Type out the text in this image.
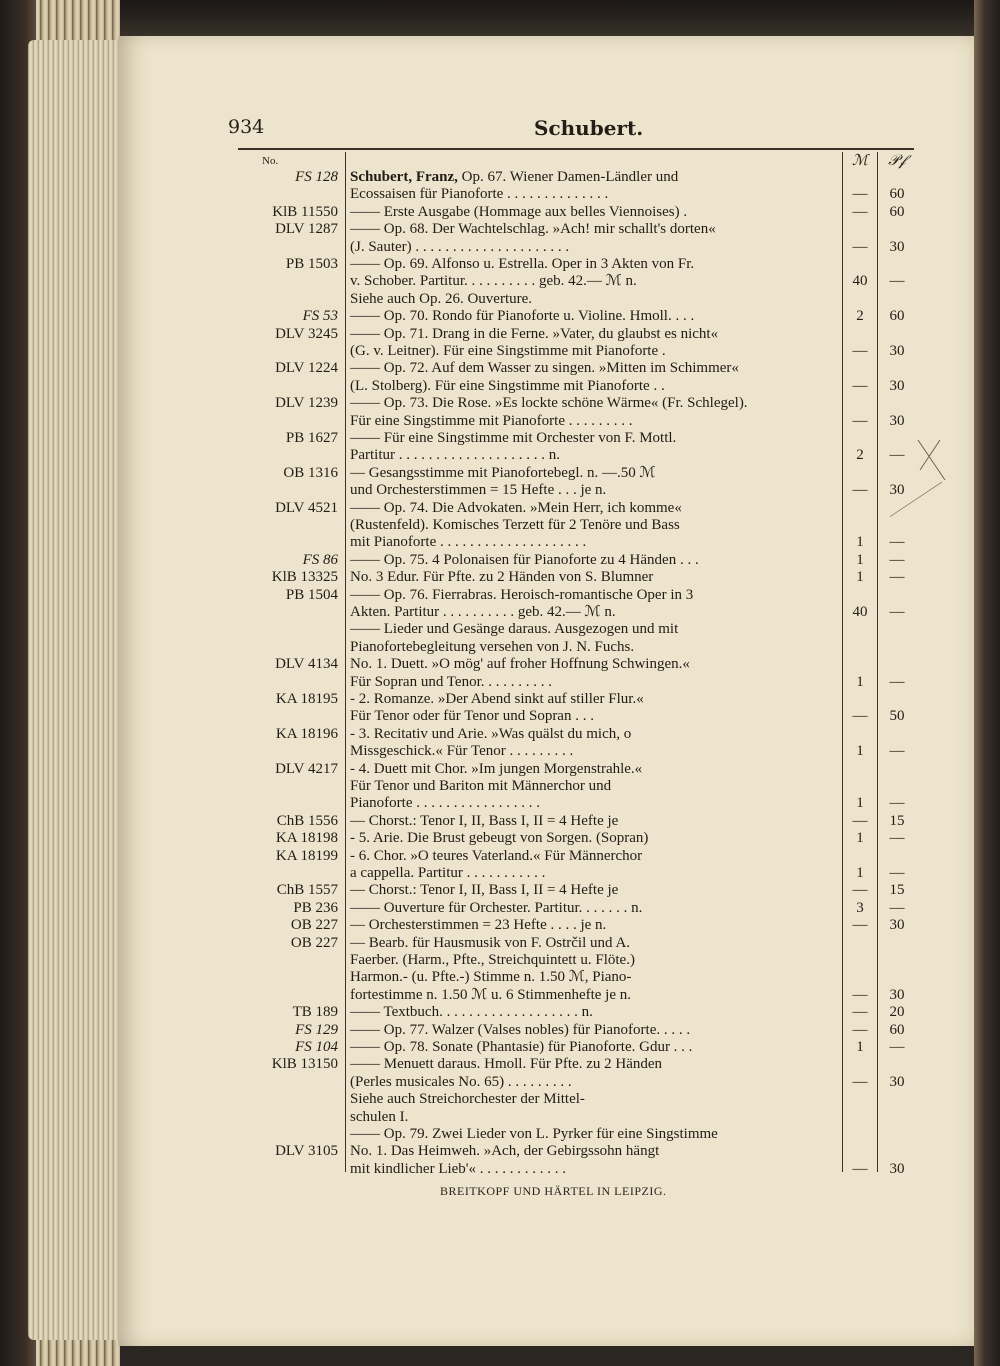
934	Schubert.
No.	ℳ	𝒫𝒻
FS 128 Schubert, Franz, Op. 67. Wiener Damen-Ländler und
Ecossaisen für Pianoforte . . . . . . . . . . . . . .	—	60
KlB 11550 —— Erste Ausgabe (Hommage aux belles Viennoises) .	—	60
DLV 1287 —— Op. 68. Der Wachtelschlag. »Ach! mir schallt's dorten«
(J. Sauter) . . . . . . . . . . . . . . . . . . . . .	—	30
PB 1503 —— Op. 69. Alfonso u. Estrella. Oper in 3 Akten von Fr.
v. Schober. Partitur. . . . . . . . . . geb. 42.— ℳ n.	40	—
Siehe auch Op. 26. Ouverture.
FS 53 —— Op. 70. Rondo für Pianoforte u. Violine. Hmoll. . . .	2	60
DLV 3245 —— Op. 71. Drang in die Ferne. »Vater, du glaubst es nicht«
(G. v. Leitner). Für eine Singstimme mit Pianoforte .	—	30
DLV 1224 —— Op. 72. Auf dem Wasser zu singen. »Mitten im Schimmer«
(L. Stolberg). Für eine Singstimme mit Pianoforte . .	—	30
DLV 1239 —— Op. 73. Die Rose. »Es lockte schöne Wärme« (Fr. Schlegel).
Für eine Singstimme mit Pianoforte . . . . . . . . .	—	30
PB 1627 —— Für eine Singstimme mit Orchester von F. Mottl.
Partitur . . . . . . . . . . . . . . . . . . . . n.	2	—
OB 1316 — Gesangsstimme mit Pianofortebegl. n. —.50 ℳ
und Orchesterstimmen = 15 Hefte . . . je n.	—	30
DLV 4521 —— Op. 74. Die Advokaten. »Mein Herr, ich komme«
(Rustenfeld). Komisches Terzett für 2 Tenöre und Bass
mit Pianoforte . . . . . . . . . . . . . . . . . . . .	1	—
FS 86 —— Op. 75. 4 Polonaisen für Pianoforte zu 4 Händen . . .	1	—
KlB 13325 No. 3 Edur. Für Pfte. zu 2 Händen von S. Blumner	1	—
PB 1504 —— Op. 76. Fierrabras. Heroisch-romantische Oper in 3
Akten. Partitur . . . . . . . . . . geb. 42.— ℳ n.	40	—
—— Lieder und Gesänge daraus. Ausgezogen und mit
Pianofortebegleitung versehen von J. N. Fuchs.
DLV 4134 No. 1. Duett. »O mög' auf froher Hoffnung Schwingen.«
Für Sopran und Tenor. . . . . . . . . .	1	—
KA 18195 - 2. Romanze. »Der Abend sinkt auf stiller Flur.«
Für Tenor oder für Tenor und Sopran . . .	—	50
KA 18196 - 3. Recitativ und Arie. »Was quälst du mich, o
Missgeschick.« Für Tenor . . . . . . . . .	1	—
DLV 4217 - 4. Duett mit Chor. »Im jungen Morgenstrahle.«
Für Tenor und Bariton mit Männerchor und
Pianoforte . . . . . . . . . . . . . . . . .	1	—
ChB 1556 — Chorst.: Tenor I, II, Bass I, II = 4 Hefte je	—	15
KA 18198 - 5. Arie. Die Brust gebeugt von Sorgen. (Sopran)	1	—
KA 18199 - 6. Chor. »O teures Vaterland.« Für Männerchor
a cappella. Partitur . . . . . . . . . . .	1	—
ChB 1557 — Chorst.: Tenor I, II, Bass I, II = 4 Hefte je	—	15
PB 236 —— Ouverture für Orchester. Partitur. . . . . . . n.	3	—
OB 227 — Orchesterstimmen = 23 Hefte . . . . je n.	—	30
OB 227 — Bearb. für Hausmusik von F. Ostrčil und A.
Faerber. (Harm., Pfte., Streichquintett u. Flöte.)
Harmon.- (u. Pfte.-) Stimme n. 1.50 ℳ, Piano-
fortestimme n. 1.50 ℳ u. 6 Stimmenhefte je n.	—	30
TB 189 —— Textbuch. . . . . . . . . . . . . . . . . . . n.	—	20
FS 129 —— Op. 77. Walzer (Valses nobles) für Pianoforte. . . . .	—	60
FS 104 —— Op. 78. Sonate (Phantasie) für Pianoforte. Gdur . . .	1	—
KlB 13150 —— Menuett daraus. Hmoll. Für Pfte. zu 2 Händen
(Perles musicales No. 65) . . . . . . . . .	—	30
Siehe auch Streichorchester der Mittel-
schulen I.
—— Op. 79. Zwei Lieder von L. Pyrker für eine Singstimme
DLV 3105 No. 1. Das Heimweh. »Ach, der Gebirgssohn hängt
mit kindlicher Lieb'« . . . . . . . . . . . .	—	30
BREITKOPF UND HÄRTEL IN LEIPZIG.
